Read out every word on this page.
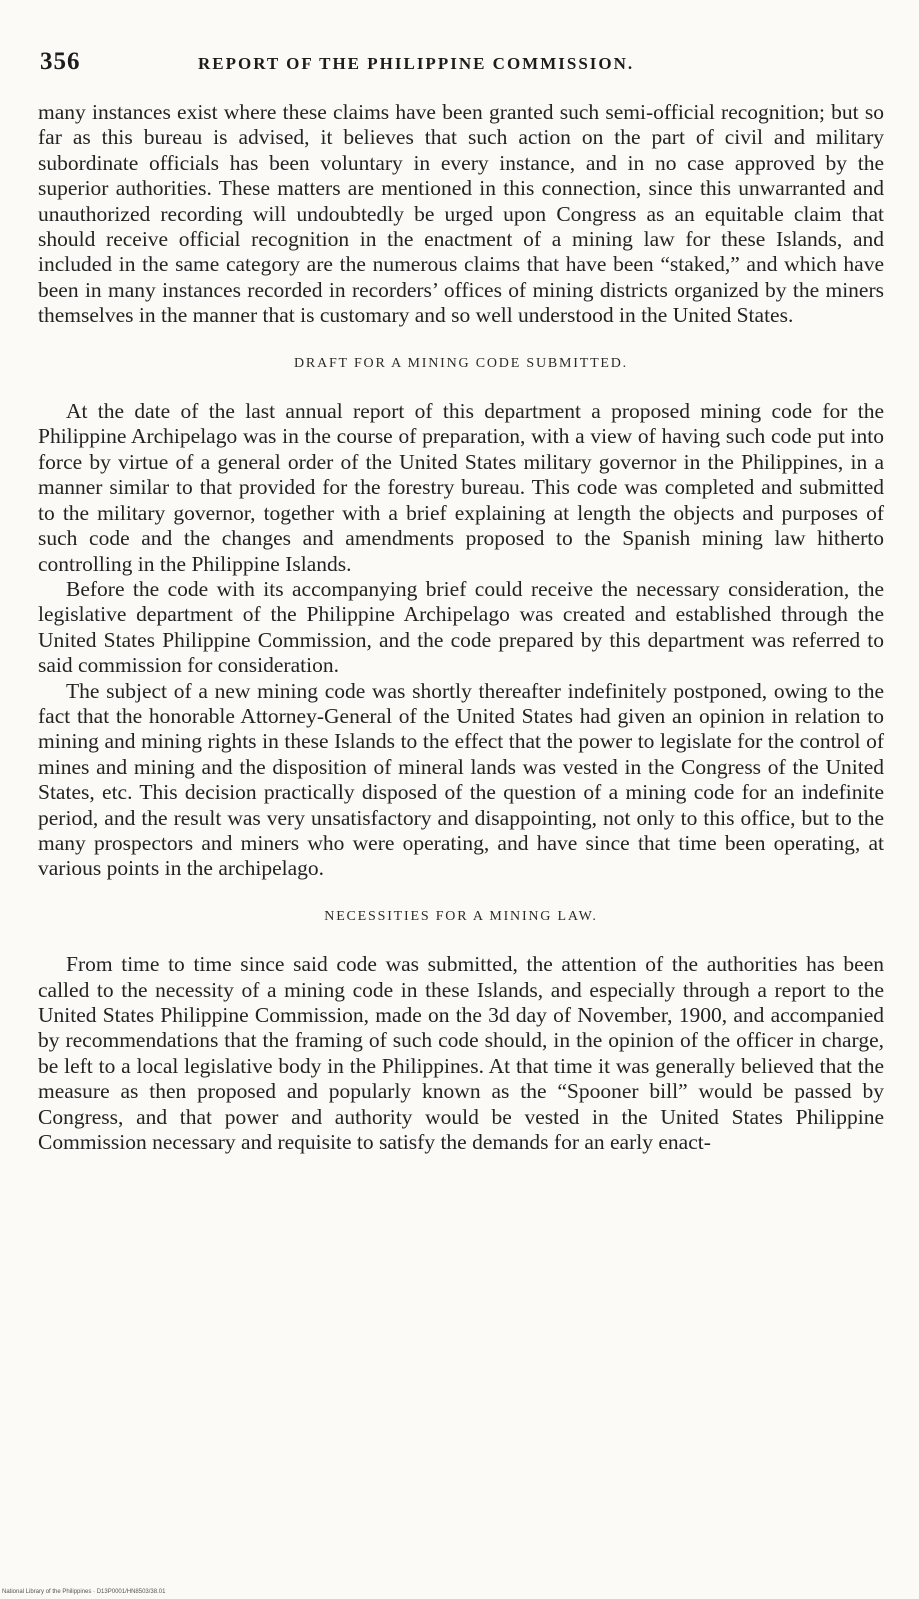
356	REPORT OF THE PHILIPPINE COMMISSION.

many instances exist where these claims have been granted such semi-official recognition; but so far as this bureau is advised, it believes that such action on the part of civil and military subordinate officials has been voluntary in every instance, and in no case approved by the superior authorities. These matters are mentioned in this connection, since this unwarranted and unauthorized recording will undoubtedly be urged upon Congress as an equitable claim that should receive official recognition in the enactment of a mining law for these Islands, and included in the same category are the numerous claims that have been “staked,” and which have been in many instances recorded in recorders’ offices of mining districts organized by the miners themselves in the manner that is customary and so well understood in the United States.

DRAFT FOR A MINING CODE SUBMITTED.

At the date of the last annual report of this department a proposed mining code for the Philippine Archipelago was in the course of preparation, with a view of having such code put into force by virtue of a general order of the United States military governor in the Philippines, in a manner similar to that provided for the forestry bureau. This code was completed and submitted to the military governor, together with a brief explaining at length the objects and purposes of such code and the changes and amendments proposed to the Spanish mining law hitherto controlling in the Philippine Islands.

Before the code with its accompanying brief could receive the necessary consideration, the legislative department of the Philippine Archipelago was created and established through the United States Philippine Commission, and the code prepared by this department was referred to said commission for consideration.

The subject of a new mining code was shortly thereafter indefinitely postponed, owing to the fact that the honorable Attorney-General of the United States had given an opinion in relation to mining and mining rights in these Islands to the effect that the power to legislate for the control of mines and mining and the disposition of mineral lands was vested in the Congress of the United States, etc. This decision practically disposed of the question of a mining code for an indefinite period, and the result was very unsatisfactory and disappointing, not only to this office, but to the many prospectors and miners who were operating, and have since that time been operating, at various points in the archipelago.

NECESSITIES FOR A MINING LAW.

From time to time since said code was submitted, the attention of the authorities has been called to the necessity of a mining code in these Islands, and especially through a report to the United States Philippine Commission, made on the 3d day of November, 1900, and accompanied by recommendations that the framing of such code should, in the opinion of the officer in charge, be left to a local legislative body in the Philippines. At that time it was generally believed that the measure as then proposed and popularly known as the “Spooner bill” would be passed by Congress, and that power and authority would be vested in the United States Philippine Commission necessary and requisite to satisfy the demands for an early enact-

National Library of the Philippines · D13P0001/HN8503/38.01
